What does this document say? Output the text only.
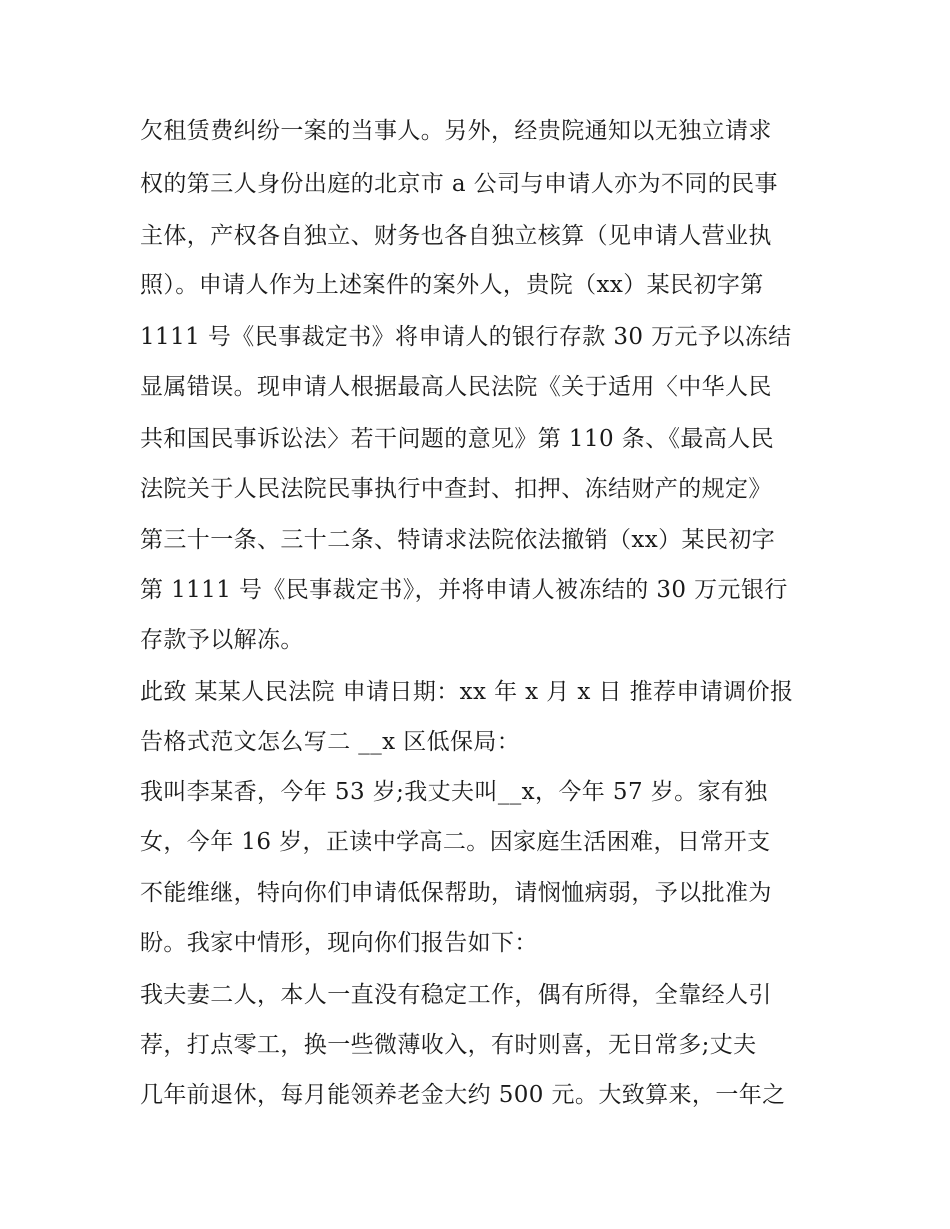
欠租赁费纠纷一案的当事人。另外，经贵院通知以无独立请求

权的第三人身份出庭的北京市 a 公司与申请人亦为不同的民事

主体，产权各自独立、财务也各自独立核算（见申请人营业执

照）。申请人作为上述案件的案外人，贵院（xx）某民初字第

1111 号《民事裁定书》将申请人的银行存款 30 万元予以冻结

显属错误。现申请人根据最高人民法院《关于适用〈中华人民

共和国民事诉讼法〉若干问题的意见》第 110 条、《最高人民

法院关于人民法院民事执行中查封、扣押、冻结财产的规定》

第三十一条、三十二条、特请求法院依法撤销（xx）某民初字

第 1111 号《民事裁定书》，并将申请人被冻结的 30 万元银行

存款予以解冻。

此致 某某人民法院 申请日期：xx 年 x 月 x 日 推荐申请调价报

告格式范文怎么写二 __x 区低保局：

我叫李某香，今年 53 岁;我丈夫叫__x，今年 57 岁。家有独

女，今年 16 岁，正读中学高二。因家庭生活困难，日常开支

不能维继，特向你们申请低保帮助，请悯恤病弱，予以批准为

盼。我家中情形，现向你们报告如下：

我夫妻二人，本人一直没有稳定工作，偶有所得，全靠经人引

荐，打点零工，换一些微薄收入，有时则喜，无日常多;丈夫

几年前退休，每月能领养老金大约 500 元。大致算来，一年之
